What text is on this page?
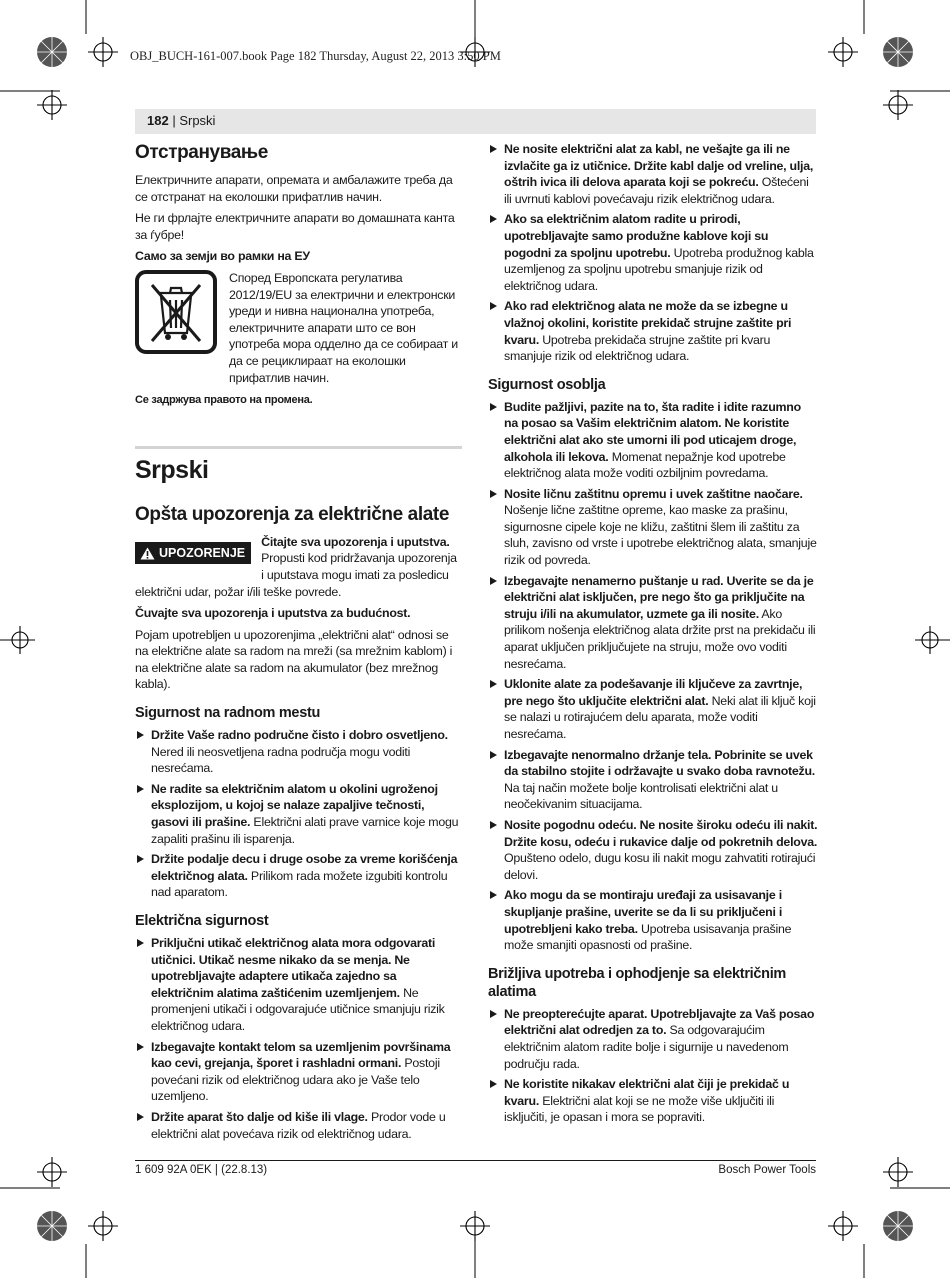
OBJ_BUCH-161-007.book Page 182 Thursday, August 22, 2013 3:50 PM
182 | Srpski
Отстранување

Електричните апарати, опремата и амбалажите треба да се отстранат на еколошки прифатлив начин.

Не ги фрлајте електричните апарати во домашната канта за ѓубре!

Само за земји во рамки на ЕУ

Според Европската регулатива 2012/19/EU за електрични и електронски уреди и нивна национална употреба, електричните апарати што се вон употреба мора одделно да се собираат и да се рециклираат на еколошки прифатлив начин.

Се задржува правото на промена.

Srpski
Opšta upozorenja za električne alate
UPOZORENJE
Čitajte sva upozorenja i uputstva. Propusti kod pridržavanja upozorenja i uputstava mogu imati za posledicu električni udar, požar i/ili teške povrede.

Čuvajte sva upozorenja i uputstva za budućnost.

Pojam upotrebljen u upozorenjima „električni alat“ odnosi se na električne alate sa radom na mreži (sa mrežnim kablom) i na električne alate sa radom na akumulator (bez mrežnog kabla).

Sigurnost na radnom mestu
Držite Vaše radno područne čisto i dobro osvetljeno. Nered ili neosvetljena radna područja mogu voditi nesrećama.
Ne radite sa električnim alatom u okolini ugroženoj eksplozijom, u kojoj se nalaze zapaljive tečnosti, gasovi ili prašine. Električni alati prave varnice koje mogu zapaliti prašinu ili isparenja.
Držite podalje decu i druge osobe za vreme korišćenja električnog alata. Prilikom rada možete izgubiti kontrolu nad aparatom.
Električna sigurnost
Priključni utikač električnog alata mora odgovarati utičnici. Utikač nesme nikako da se menja. Ne upotrebljavajte adaptere utikača zajedno sa električnim alatima zaštićenim uzemljenjem. Ne promenjeni utikači i odgovarajuće utičnice smanjuju rizik električnog udara.
Izbegavajte kontakt telom sa uzemljenim površinama kao cevi, grejanja, šporet i rashladni ormani. Postoji povećani rizik od električnog udara ako je Vaše telo uzemljeno.
Držite aparat što dalje od kiše ili vlage. Prodor vode u električni alat povećava rizik od električnog udara.
Ne nosite električni alat za kabl, ne vešajte ga ili ne izvlačite ga iz utičnice. Držite kabl dalje od vreline, ulja, oštrih ivica ili delova aparata koji se pokreću. Oštećeni ili uvrnuti kablovi povećavaju rizik električnog udara.
Ako sa električnim alatom radite u prirodi, upotrebljavajte samo produžne kablove koji su pogodni za spoljnu upotrebu. Upotreba produžnog kabla uzemljenog za spoljnu upotrebu smanjuje rizik od električnog udara.
Ako rad električnog alata ne može da se izbegne u vlažnoj okolini, koristite prekidač strujne zaštite pri kvaru. Upotreba prekidača strujne zaštite pri kvaru smanjuje rizik od električnog udara.
Sigurnost osoblja
Budite pažljivi, pazite na to, šta radite i idite razumno na posao sa Vašim električnim alatom. Ne koristite električni alat ako ste umorni ili pod uticajem droge, alkohola ili lekova. Momenat nepažnje kod upotrebe električnog alata može voditi ozbiljnim povredama.
Nosite ličnu zaštitnu opremu i uvek zaštitne naočare. Nošenje lične zaštitne opreme, kao maske za prašinu, sigurnosne cipele koje ne kližu, zaštitni šlem ili zaštitu za sluh, zavisno od vrste i upotrebe električnog alata, smanjuje rizik od povreda.
Izbegavajte nenamerno puštanje u rad. Uverite se da je električni alat isključen, pre nego što ga priključite na struju i/ili na akumulator, uzmete ga ili nosite. Ako prilikom nošenja električnog alata držite prst na prekidaču ili aparat uključen priključujete na struju, može ovo voditi nesrećama.
Uklonite alate za podešavanje ili ključeve za zavrtnje, pre nego što uključite električni alat. Neki alat ili ključ koji se nalazi u rotirajućem delu aparata, može voditi nesrećama.
Izbegavajte nenormalno držanje tela. Pobrinite se uvek da stabilno stojite i održavajte u svako doba ravnotežu. Na taj način možete bolje kontrolisati električni alat u neočekivanim situacijama.
Nosite pogodnu odeću. Ne nosite široku odeću ili nakit. Držite kosu, odeću i rukavice dalje od pokretnih delova. Opušteno odelo, dugu kosu ili nakit mogu zahvatiti rotirajući delovi.
Ako mogu da se montiraju uređaji za usisavanje i skupljanje prašine, uverite se da li su priključeni i upotrebljeni kako treba. Upotreba usisavanja prašine može smanjiti opasnosti od prašine.
Brižljiva upotreba i ophodjenje sa električnim alatima
Ne preopterećujte aparat. Upotrebljavajte za Vaš posao električni alat odredjen za to. Sa odgovarajućim električnim alatom radite bolje i sigurnije u navedenom području rada.
Ne koristite nikakav električni alat čiji je prekidač u kvaru. Električni alat koji se ne može više uključiti ili isključiti, je opasan i mora se popraviti.
1 609 92A 0EK | (22.8.13)	Bosch Power Tools
